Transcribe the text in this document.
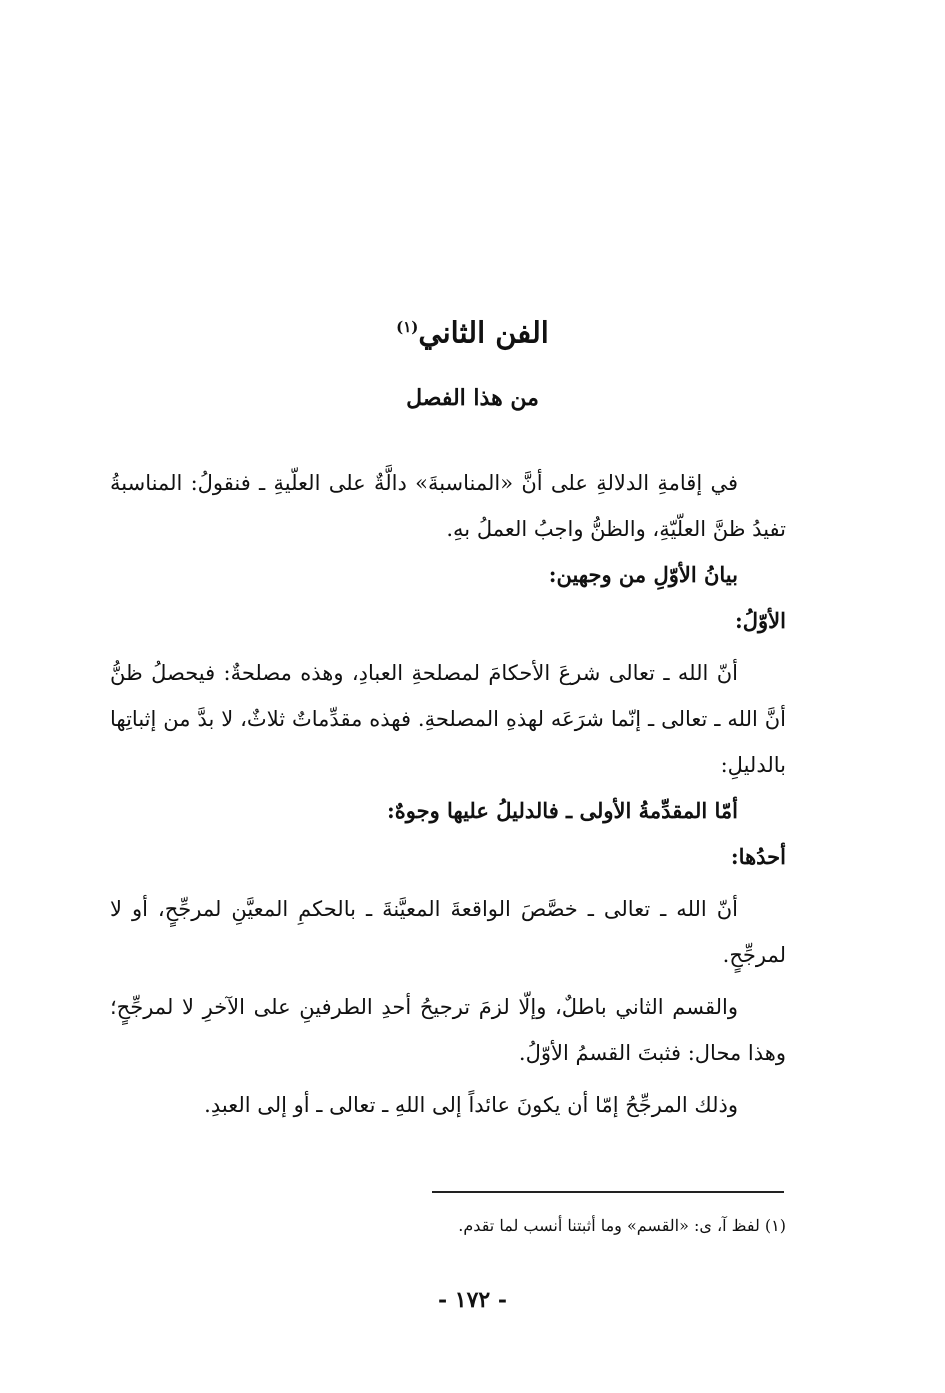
الفن الثاني$^{(١)}$
من هذا الفصل

في إقامةِ الدلالةِ على أنَّ «المناسبةَ» دالَّةٌ على العلّيةِ ـ فنقولُ: المناسبةُ تفيدُ ظنَّ العلّيّةِ، والظنُّ واجبُ العملُ بهِ.

بيانُ الأوّلِ من وجهين:

الأوّلُ:

أنّ الله ـ تعالى شرعَ الأحكامَ لمصلحةِ العبادِ، وهذه مصلحةٌ: فيحصلُ ظنُّ أنَّ الله ـ تعالى ـ إنّما شرَعَه لهذهِ المصلحةِ. فهذه مقدِّماتٌ ثلاثٌ، لا بدَّ من إثباتِها بالدليلِ:

أمّا المقدِّمةُ الأولى ـ فالدليلُ عليها وجوهٌ:

أحدُها:

أنّ الله ـ تعالى ـ خصَّصَ الواقعةَ المعيَّنةَ ـ بالحكمِ المعيَّنِ لمرجِّحٍ، أو لا لمرجِّحٍ.

والقسم الثاني باطلٌ، وإلّا لزمَ ترجيحُ أحدِ الطرفينِ على الآخرِ لا لمرجِّحٍ؛ وهذا محال: فثبتَ القسمُ الأوّلُ.

وذلك المرجِّحُ إمّا أن يكونَ عائداً إلى اللهِ ـ تعالى ـ أو إلى العبدِ.

(١) لفظ آ، ى: «القسم» وما أثبتنا أنسب لما تقدم.
- ١٧٢ -
